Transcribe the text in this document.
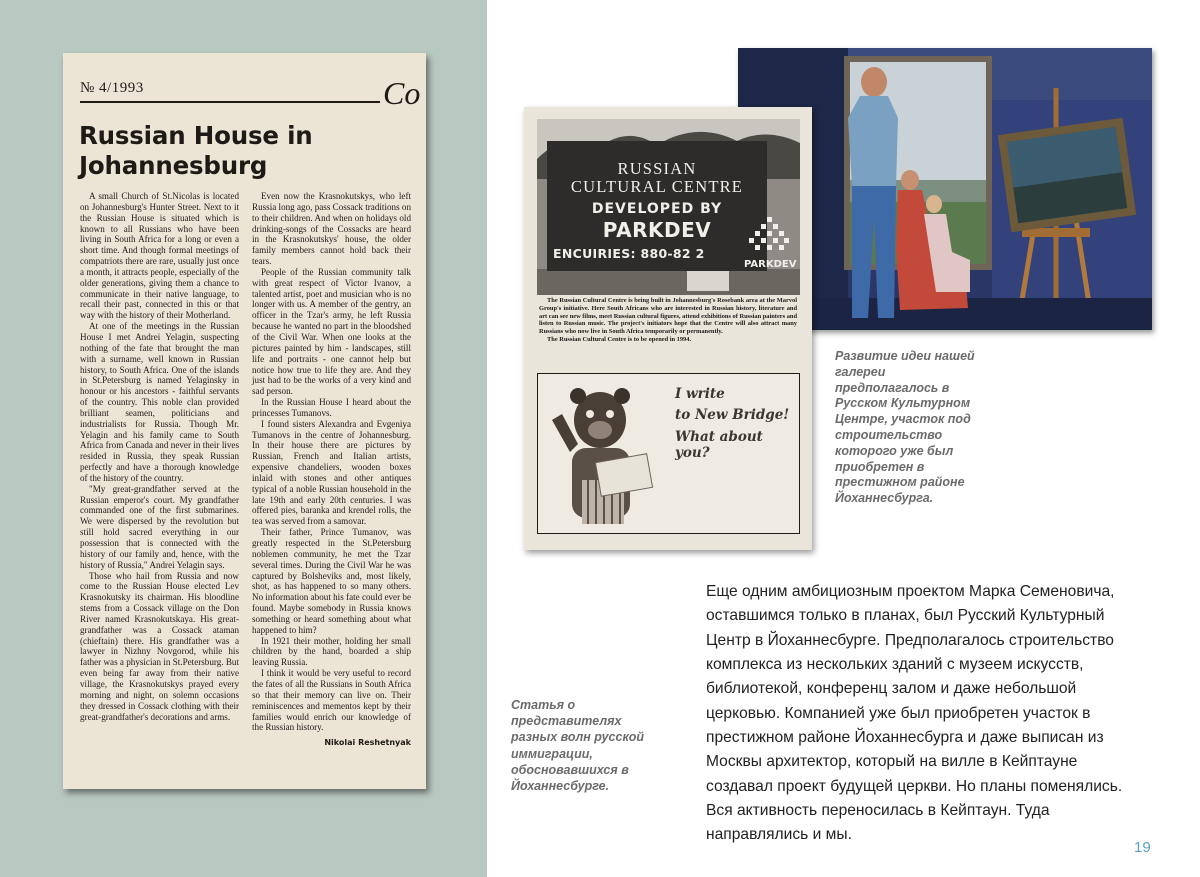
№ 4/1993	Co
Russian House in Johannesburg

A small Church of St.Nicolas is located on Johannesburg's Hunter Street. Next to it the Russian House is situated which is known to all Russians who have been living in South Africa for a long or even a short time. And though formal meetings of compatriots there are rare, usually just once a month, it attracts people, especially of the older generations, giving them a chance to communicate in their native language, to recall their past, connected in this or that way with the history of their Motherland.

At one of the meetings in the Russian House I met Andrei Yelagin, suspecting nothing of the fate that brought the man with a surname, well known in Russian history, to South Africa. One of the islands in St.Petersburg is named Yelaginsky in honour or his ancestors - faithful servants of the country. This noble clan provided brilliant seamen, politicians and industrialists for Russia. Though Mr. Yelagin and his family came to South Africa from Canada and never in their lives resided in Russia, they speak Russian perfectly and have a thorough knowledge of the history of the country.

"My great-grandfather served at the Russian emperor's court. My grandfather commanded one of the first submarines. We were dispersed by the revolution but still hold sacred everything in our possession that is connected with the history of our family and, hence, with the history of Russia," Andrei Yelagin says.

Those who hail from Russia and now come to the Russian House elected Lev Krasnokutsky its chairman. His bloodline stems from a Cossack village on the Don River named Krasnokutskaya. His great-grandfather was a Cossack ataman (chieftain) there. His grandfather was a lawyer in Nizhny Novgorod, while his father was a physician in St.Petersburg. But even being far away from their native village, the Krasnokutskys prayed every morning and night, on solemn occasions they dressed in Cossack clothing with their great-grandfather's decorations and arms.

Even now the Krasnokutskys, who left Russia long ago, pass Cossack traditions on to their children. And when on holidays old drinking-songs of the Cossacks are heard in the Krasnokutskys' house, the older family members cannot hold back their tears.

People of the Russian community talk with great respect of Victor Ivanov, a talented artist, poet and musician who is no longer with us. A member of the gentry, an officer in the Tzar's army, he left Russia because he wanted no part in the bloodshed of the Civil War. When one looks at the pictures painted by him - landscapes, still life and portraits - one cannot help but notice how true to life they are. And they just had to be the works of a very kind and sad person.

In the Russian House I heard about the princesses Tumanovs.

I found sisters Alexandra and Evgeniya Tumanovs in the centre of Johannesburg. In their house there are pictures by Russian, French and Italian artists, expensive chandeliers, wooden boxes inlaid with stones and other antiques typical of a noble Russian household in the late 19th and early 20th centuries. I was offered pies, baranka and krendel rolls, the tea was served from a samovar.

Their father, Prince Tumanov, was greatly respected in the St.Petersburg noblemen community, he met the Tzar several times. During the Civil War he was captured by Bolsheviks and, most likely, shot, as has happened to so many others. No information about his fate could ever be found. Maybe somebody in Russia knows something or heard something about what happened to him?

In 1921 their mother, holding her small children by the hand, boarded a ship leaving Russia.

I think it would be very useful to record the fates of all the Russians in South Africa so that their memory can live on. Their reminiscences and mementos kept by their families would enrich our knowledge of the Russian history.

Nikolai Reshetnyak

Статья о представителях разных волн русской иммиграции, обосновавшихся в Йоханнесбурге.
Развитие идеи нашей галереи предполагалось в Русском Культурном Центре, участок под строительство которого уже был приобретен в престижном районе Йоханнесбурга.
RUSSIAN
CULTURAL CENTRE
DEVELOPED BY
PARKDEV
ENCUIRIES: 880-82 2
PARKDEV

The Russian Cultural Centre is being built in Johannesburg's Rosebank area at the Marvol Group's initiative. Here South Africans who are interested in Russian history, literature and art can see new films, meet Russian cultural figures, attend exhibitions of Russian painters and listen to Russian music. The project's initiators hope that the Centre will also attract many Russians who now live in South Africa temporarily or permanently.

The Russian Cultural Centre is to be opened in 1994.

I write
to New Bridge!
What about you?
Еще одним амбициозным проектом Марка Семеновича, оставшимся только в планах, был Русский Культурный Центр в Йоханнесбурге. Предполагалось строительство комплекса из нескольких зданий с музеем искусств, библиотекой, конференц залом и даже небольшой церковью. Компанией уже был приобретен участок в престижном районе Йоханнесбурга и даже выписан из Москвы архитектор, который на вилле в Кейптауне создавал проект будущей церкви. Но планы поменялись. Вся активность переносилась в Кейптаун. Туда направлялись и мы.
19
